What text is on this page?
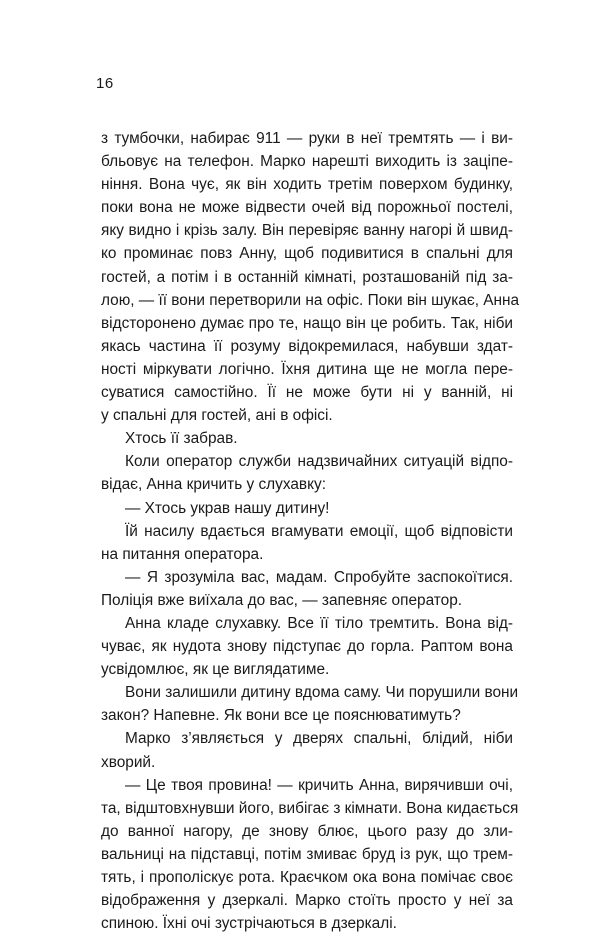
16
з тумбочки, набирає 911 — руки в неї тремтять — і ви-
бльовує на телефон. Марко нарешті виходить із заціпе-
ніння. Вона чує, як він ходить третім поверхом будинку,
поки вона не може відвести очей від порожньої постелі,
яку видно і крізь залу. Він перевіряє ванну нагорі й швид-
ко проминає повз Анну, щоб подивитися в спальні для
гостей, а потім і в останній кімнаті, розташованій під за-
лою, — її вони перетворили на офіс. Поки він шукає, Анна
відсторонено думає про те, нащо він це робить. Так, ніби
якась частина її розуму відокремилася, набувши здат-
ності міркувати логічно. Їхня дитина ще не могла пере-
суватися самостійно. Її не може бути ні у ванній, ні
у спальні для гостей, ані в офісі.
Хтось її забрав.
Коли оператор служби надзвичайних ситуацій відпо-
відає, Анна кричить у слухавку:
— Хтось украв нашу дитину!
Їй насилу вдається вгамувати емоції, щоб відповісти
на питання оператора.
— Я зрозуміла вас, мадам. Спробуйте заспокоїтися.
Поліція вже виїхала до вас, — запевняє оператор.
Анна кладе слухавку. Все її тіло тремтить. Вона від-
чуває, як нудота знову підступає до горла. Раптом вона
усвідомлює, як це виглядатиме.
Вони залишили дитину вдома саму. Чи порушили вони
закон? Напевне. Як вони все це пояснюватимуть?
Марко з’являється у дверях спальні, блідий, ніби
хворий.
— Це твоя провина! — кричить Анна, вирячивши очі,
та, відштовхнувши його, вибігає з кімнати. Вона кидається
до ванної нагору, де знову блює, цього разу до зли-
вальниці на підставці, потім змиває бруд із рук, що трем-
тять, і прополіскує рота. Краєчком ока вона помічає своє
відображення у дзеркалі. Марко стоїть просто у неї за
спиною. Їхні очі зустрічаються в дзеркалі.
